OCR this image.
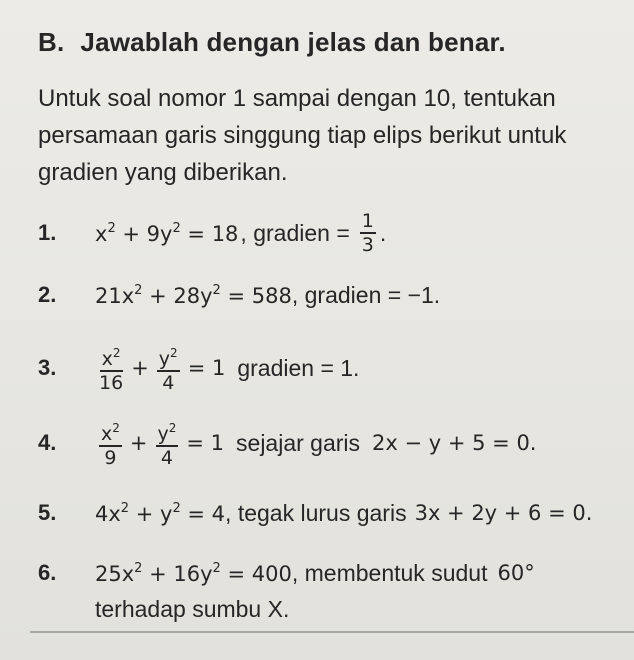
B. Jawablah dengan jelas dan benar.
Untuk soal nomor 1 sampai dengan 10, tentukan
persamaan garis singgung tiap elips berikut untuk
gradien yang diberikan.
1.	$x^2 + 9y^2 = 18$ , gradien = $\frac{1}{3}$ .
2.	$21x^2 + 28y^2 = 588$ , gradien = −1.
3.	$\frac{x^2}{16} + \frac{y^2}{4} = 1$ gradien = 1.
4.	$\frac{x^2}{9} + \frac{y^2}{4} = 1$ sejajar garis 2x − y + 5 = 0.
5.	$4x^2 + y^2 = 4$ , tegak lurus garis 3x + 2y + 6 = 0.
6.	$25x^2 + 16y^2 = 400$ , membentuk sudut 60°
terhadap sumbu X.
